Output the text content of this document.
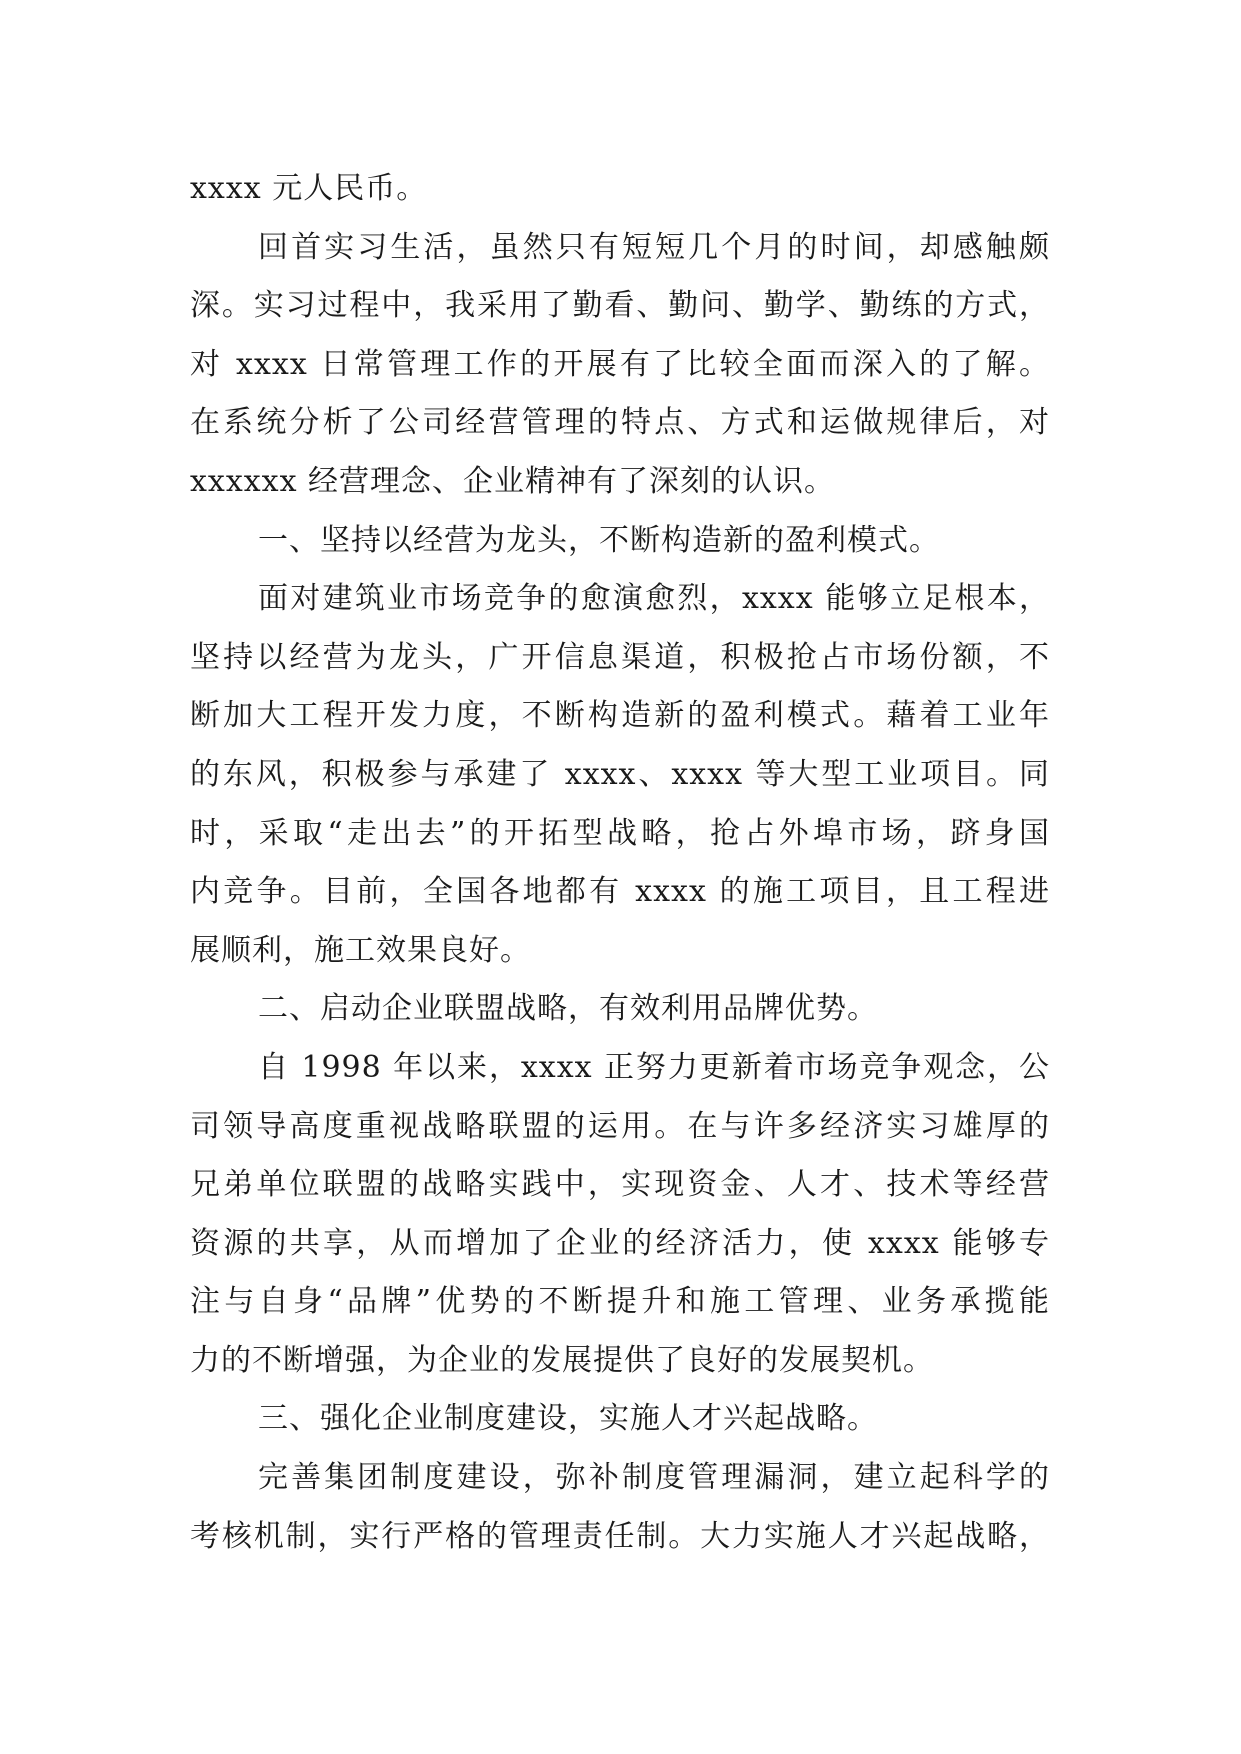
xxxx 元人民币。
回首实习生活，虽然只有短短几个月的时间，却感触颇
深。实习过程中，我采用了勤看、勤问、勤学、勤练的方式，
对 xxxx 日常管理工作的开展有了比较全面而深入的了解。
在系统分析了公司经营管理的特点、方式和运做规律后，对
xxxxxx 经营理念、企业精神有了深刻的认识。
一、坚持以经营为龙头，不断构造新的盈利模式。
面对建筑业市场竞争的愈演愈烈，xxxx 能够立足根本，
坚持以经营为龙头，广开信息渠道，积极抢占市场份额，不
断加大工程开发力度，不断构造新的盈利模式。藉着工业年
的东风，积极参与承建了 xxxx、xxxx 等大型工业项目。同
时，采取“走出去”的开拓型战略，抢占外埠市场，跻身国
内竞争。目前，全国各地都有 xxxx 的施工项目，且工程进
展顺利，施工效果良好。
二、启动企业联盟战略，有效利用品牌优势。
自 1998 年以来，xxxx 正努力更新着市场竞争观念，公
司领导高度重视战略联盟的运用。在与许多经济实习雄厚的
兄弟单位联盟的战略实践中，实现资金、人才、技术等经营
资源的共享，从而增加了企业的经济活力，使 xxxx 能够专
注与自身“品牌”优势的不断提升和施工管理、业务承揽能
力的不断增强，为企业的发展提供了良好的发展契机。
三、强化企业制度建设，实施人才兴起战略。
完善集团制度建设，弥补制度管理漏洞，建立起科学的
考核机制，实行严格的管理责任制。大力实施人才兴起战略，
